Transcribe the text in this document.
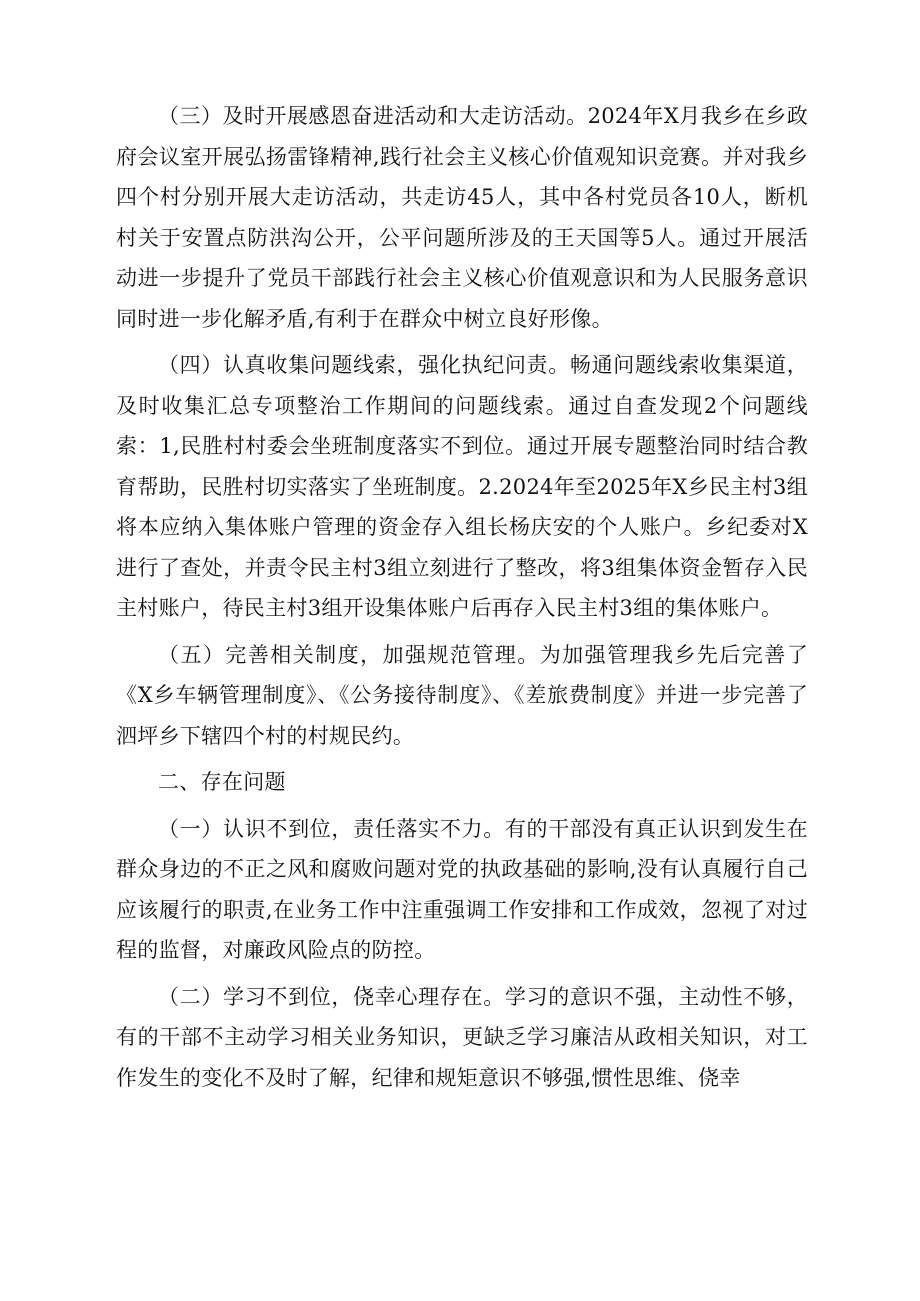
（三）及时开展感恩奋进活动和大走访活动。2024年X月我乡在乡政府会议室开展弘扬雷锋精神,践行社会主义核心价值观知识竞赛。并对我乡四个村分别开展大走访活动，共走访45人，其中各村党员各10人，断机村关于安置点防洪沟公开，公平问题所涉及的王天国等5人。通过开展活动进一步提升了党员干部践行社会主义核心价值观意识和为人民服务意识同时进一步化解矛盾,有利于在群众中树立良好形像。

（四）认真收集问题线索，强化执纪问责。畅通问题线索收集渠道，及时收集汇总专项整治工作期间的问题线索。通过自查发现2个问题线索：1,民胜村村委会坐班制度落实不到位。通过开展专题整治同时结合教育帮助，民胜村切实落实了坐班制度。2.2024年至2025年X乡民主村3组将本应纳入集体账户管理的资金存入组长杨庆安的个人账户。乡纪委对X进行了查处，并责令民主村3组立刻进行了整改，将3组集体资金暂存入民主村账户，待民主村3组开设集体账户后再存入民主村3组的集体账户。

（五）完善相关制度，加强规范管理。为加强管理我乡先后完善了《X乡车辆管理制度》、《公务接待制度》、《差旅费制度》并进一步完善了泗坪乡下辖四个村的村规民约。

二、存在问题

（一）认识不到位，责任落实不力。有的干部没有真正认识到发生在群众身边的不正之风和腐败问题对党的执政基础的影响,没有认真履行自己应该履行的职责,在业务工作中注重强调工作安排和工作成效，忽视了对过程的监督，对廉政风险点的防控。

（二）学习不到位，侥幸心理存在。学习的意识不强，主动性不够，有的干部不主动学习相关业务知识，更缺乏学习廉洁从政相关知识，对工作发生的变化不及时了解，纪律和规矩意识不够强,惯性思维、侥幸
